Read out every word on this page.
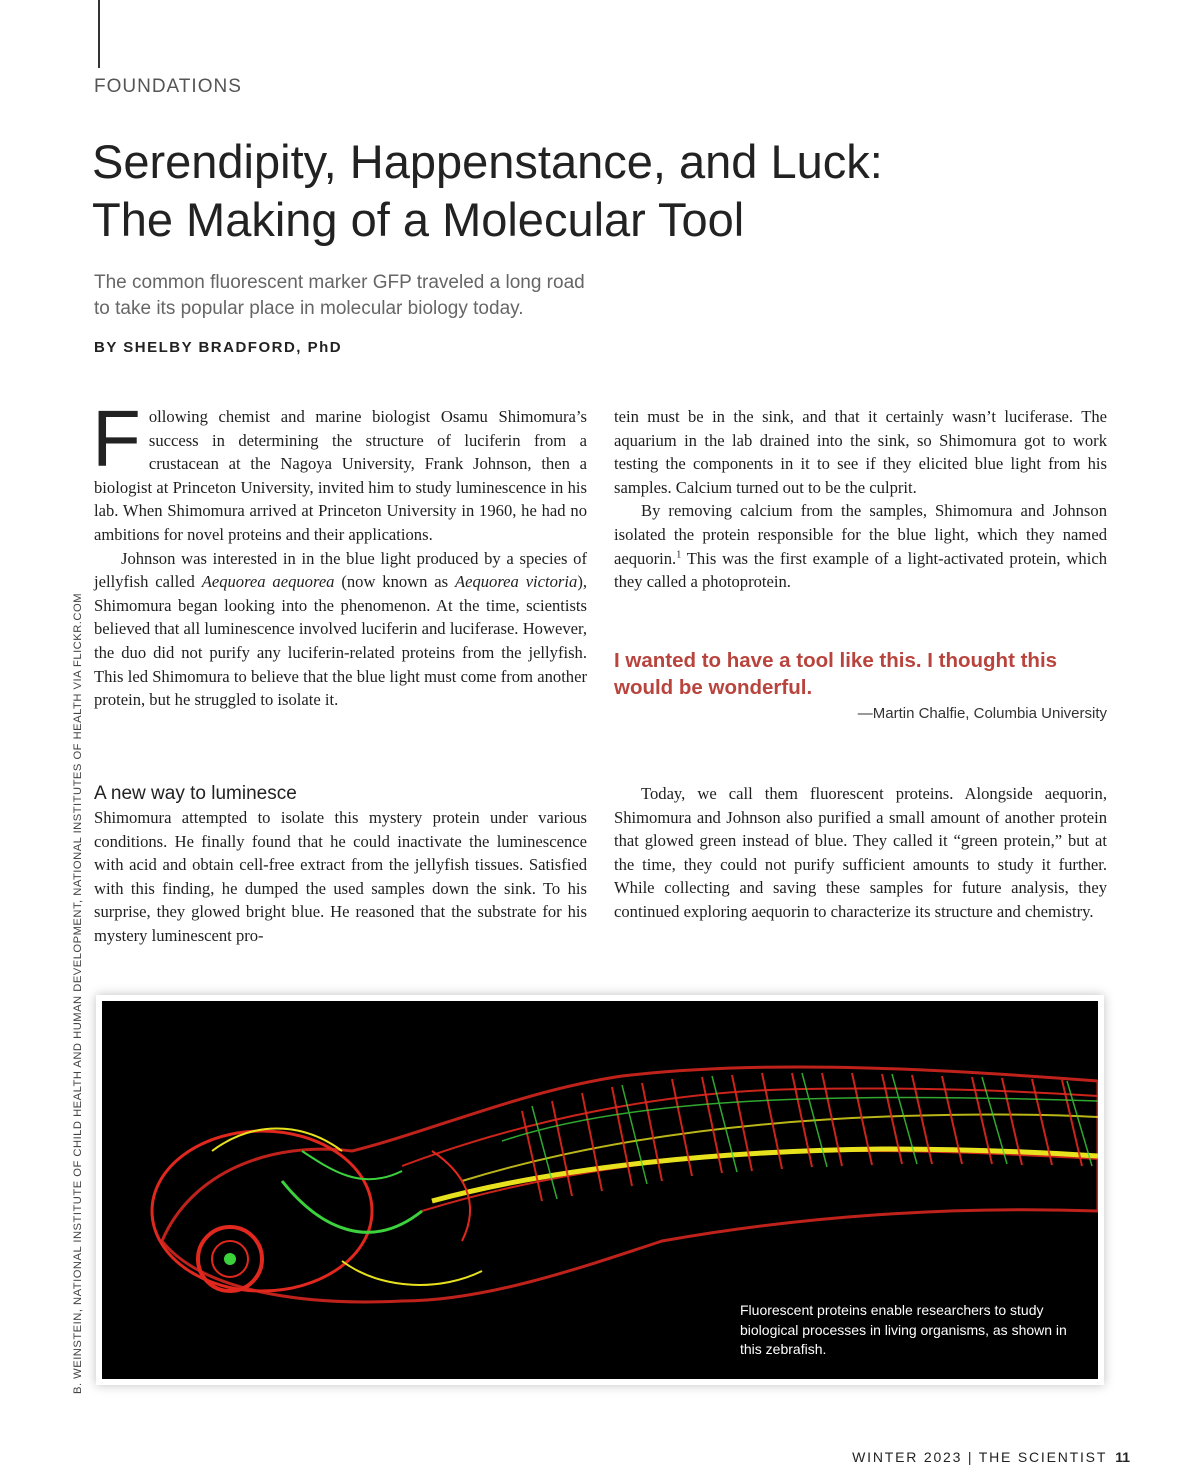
FOUNDATIONS
Serendipity, Happenstance, and Luck:
The Making of a Molecular Tool
The common fluorescent marker GFP traveled a long road
to take its popular place in molecular biology today.
BY SHELBY BRADFORD, PhD

Following chemist and marine biologist Osamu Shimomura’s success in determining the structure of luciferin from a crustacean at the Nagoya University, Frank Johnson, then a biologist at Princeton University, invited him to study luminescence in his lab. When Shimomura arrived at Princeton University in 1960, he had no ambitions for novel proteins and their applications.

Johnson was interested in in the blue light produced by a species of jellyfish called Aequorea aequorea (now known as Aequorea victoria), Shimomura began looking into the phenomenon. At the time, scientists believed that all luminescence involved luciferin and luciferase. However, the duo did not purify any luciferin-related proteins from the jellyfish. This led Shimomura to believe that the blue light must come from another protein, but he struggled to isolate it.

A new way to luminesce

Shimomura attempted to isolate this mystery protein under various conditions. He finally found that he could inactivate the luminescence with acid and obtain cell-free extract from the jellyfish tissues. Satisfied with this finding, he dumped the used samples down the sink. To his surprise, they glowed bright blue. He reasoned that the substrate for his mystery luminescent pro-

tein must be in the sink, and that it certainly wasn’t luciferase. The aquarium in the lab drained into the sink, so Shimomura got to work testing the components in it to see if they elicited blue light from his samples. Calcium turned out to be the culprit.

By removing calcium from the samples, Shimomura and Johnson isolated the protein responsible for the blue light, which they named aequorin.$^1$ This was the first example of a light-activated protein, which they called a photoprotein.

I wanted to have a tool like this. I thought this would be wonderful.
—Martin Chalfie, Columbia University

Today, we call them fluorescent proteins. Alongside aequorin, Shimomura and Johnson also purified a small amount of another protein that glowed green instead of blue. They called it “green protein,” but at the time, they could not purify sufficient amounts to study it further. While collecting and saving these samples for future analysis, they continued exploring aequorin to characterize its structure and chemistry.

B. WEINSTEIN, NATIONAL INSTITUTE OF CHILD HEALTH AND HUMAN DEVELOPMENT, NATIONAL INSTITUTES OF HEALTH VIA FLICKR.COM	Fluorescent proteins enable researchers to study biological processes in living organisms, as shown in this zebrafish.
WINTER 2023 | THE SCIENTIST 11
